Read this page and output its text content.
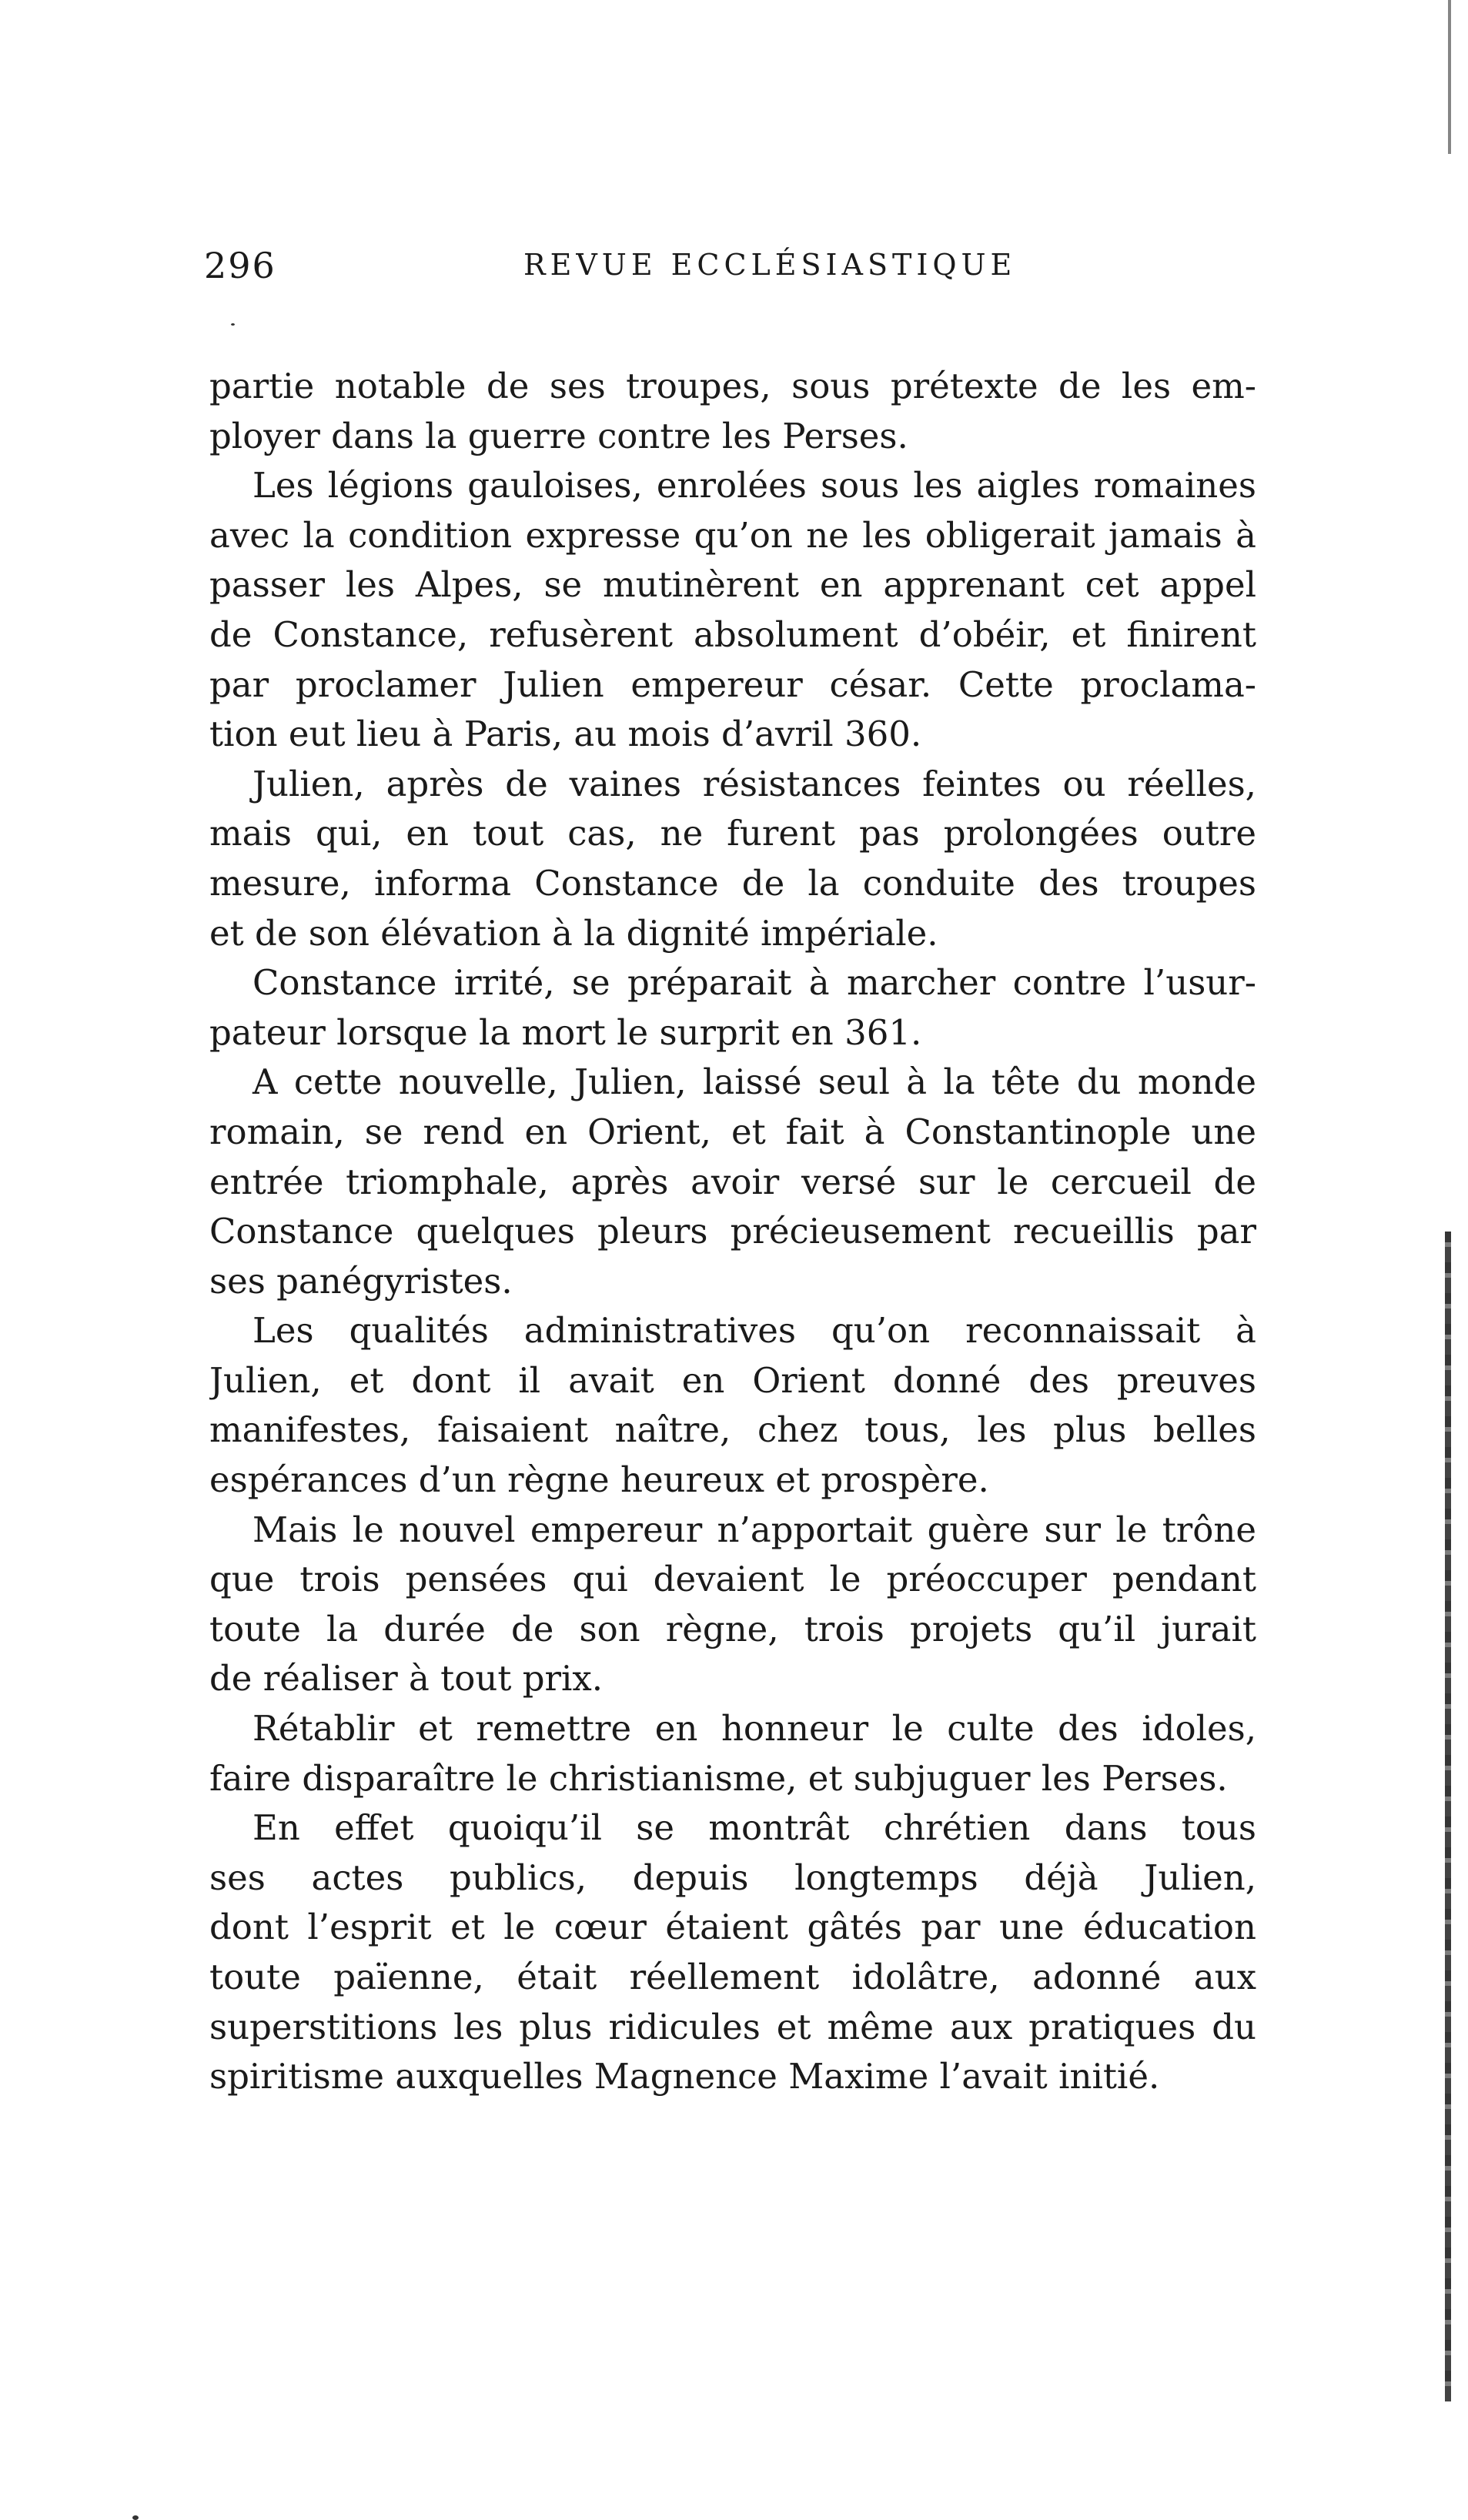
296	REVUE ECCLÉSIASTIQUE
partie notable de ses troupes, sous prétexte de les em-
ployer dans la guerre contre les Perses.
Les légions gauloises, enrolées sous les aigles romaines
avec la condition expresse qu’on ne les obligerait jamais à
passer les Alpes, se mutinèrent en apprenant cet appel
de Constance, refusèrent absolument d’obéir, et finirent
par proclamer Julien empereur césar. Cette proclama-
tion eut lieu à Paris, au mois d’avril 360.
Julien, après de vaines résistances feintes ou réelles,
mais qui, en tout cas, ne furent pas prolongées outre
mesure, informa Constance de la conduite des troupes
et de son élévation à la dignité impériale.
Constance irrité, se préparait à marcher contre l’usur-
pateur lorsque la mort le surprit en 361.
A cette nouvelle, Julien, laissé seul à la tête du monde
romain, se rend en Orient, et fait à Constantinople une
entrée triomphale, après avoir versé sur le cercueil de
Constance quelques pleurs précieusement recueillis par
ses panégyristes.
Les qualités administratives qu’on reconnaissait à
Julien, et dont il avait en Orient donné des preuves
manifestes, faisaient naître, chez tous, les plus belles
espérances d’un règne heureux et prospère.
Mais le nouvel empereur n’apportait guère sur le trône
que trois pensées qui devaient le préoccuper pendant
toute la durée de son règne, trois projets qu’il jurait
de réaliser à tout prix.
Rétablir et remettre en honneur le culte des idoles,
faire disparaître le christianisme, et subjuguer les Perses.
En effet quoiqu’il se montrât chrétien dans tous
ses actes publics, depuis longtemps déjà Julien,
dont l’esprit et le cœur étaient gâtés par une éducation
toute païenne, était réellement idolâtre, adonné aux
superstitions les plus ridicules et même aux pratiques du
spiritisme auxquelles Magnence Maxime l’avait initié.
